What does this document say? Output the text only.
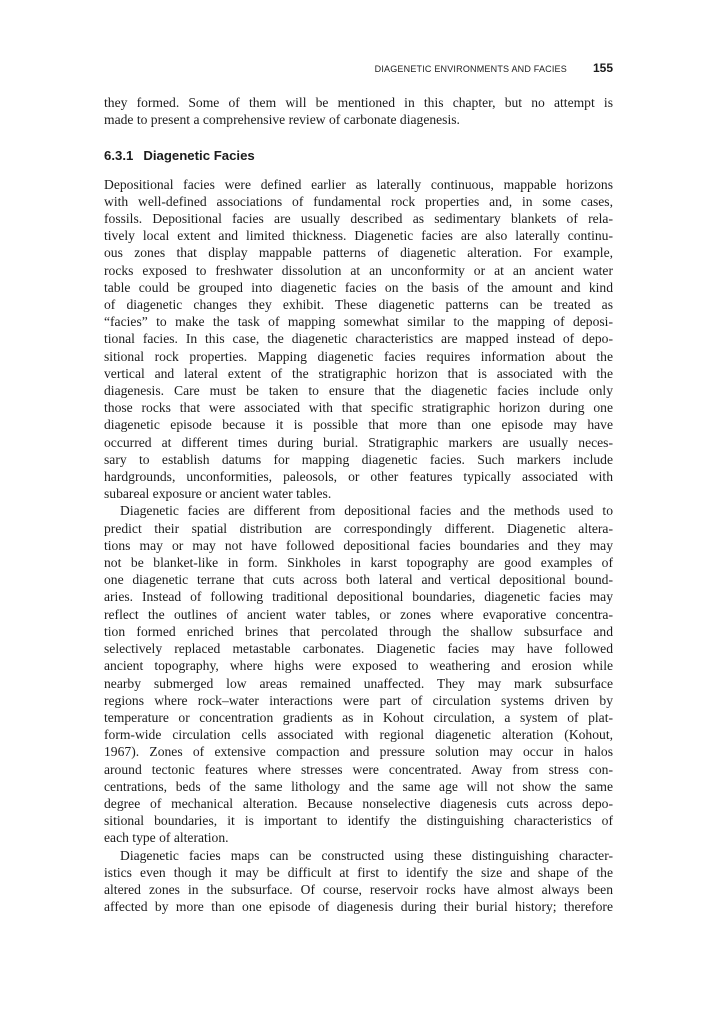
DIAGENETIC ENVIRONMENTS AND FACIES 155

they formed. Some of them will be mentioned in this chapter, but no attempt is

made to present a comprehensive review of carbonate diagenesis.

6.3.1 Diagenetic Facies

Depositional facies were defined earlier as laterally continuous, mappable horizons

with well-defined associations of fundamental rock properties and, in some cases,

fossils. Depositional facies are usually described as sedimentary blankets of rela-

tively local extent and limited thickness. Diagenetic facies are also laterally continu-

ous zones that display mappable patterns of diagenetic alteration. For example,

rocks exposed to freshwater dissolution at an unconformity or at an ancient water

table could be grouped into diagenetic facies on the basis of the amount and kind

of diagenetic changes they exhibit. These diagenetic patterns can be treated as

“facies” to make the task of mapping somewhat similar to the mapping of deposi-

tional facies. In this case, the diagenetic characteristics are mapped instead of depo-

sitional rock properties. Mapping diagenetic facies requires information about the

vertical and lateral extent of the stratigraphic horizon that is associated with the

diagenesis. Care must be taken to ensure that the diagenetic facies include only

those rocks that were associated with that specific stratigraphic horizon during one

diagenetic episode because it is possible that more than one episode may have

occurred at different times during burial. Stratigraphic markers are usually neces-

sary to establish datums for mapping diagenetic facies. Such markers include

hardgrounds, unconformities, paleosols, or other features typically associated with

subareal exposure or ancient water tables.

Diagenetic facies are different from depositional facies and the methods used to

predict their spatial distribution are correspondingly different. Diagenetic altera-

tions may or may not have followed depositional facies boundaries and they may

not be blanket-like in form. Sinkholes in karst topography are good examples of

one diagenetic terrane that cuts across both lateral and vertical depositional bound-

aries. Instead of following traditional depositional boundaries, diagenetic facies may

reflect the outlines of ancient water tables, or zones where evaporative concentra-

tion formed enriched brines that percolated through the shallow subsurface and

selectively replaced metastable carbonates. Diagenetic facies may have followed

ancient topography, where highs were exposed to weathering and erosion while

nearby submerged low areas remained unaffected. They may mark subsurface

regions where rock–water interactions were part of circulation systems driven by

temperature or concentration gradients as in Kohout circulation, a system of plat-

form-wide circulation cells associated with regional diagenetic alteration (Kohout,

1967). Zones of extensive compaction and pressure solution may occur in halos

around tectonic features where stresses were concentrated. Away from stress con-

centrations, beds of the same lithology and the same age will not show the same

degree of mechanical alteration. Because nonselective diagenesis cuts across depo-

sitional boundaries, it is important to identify the distinguishing characteristics of

each type of alteration.

Diagenetic facies maps can be constructed using these distinguishing character-

istics even though it may be difficult at first to identify the size and shape of the

altered zones in the subsurface. Of course, reservoir rocks have almost always been

affected by more than one episode of diagenesis during their burial history; therefore
